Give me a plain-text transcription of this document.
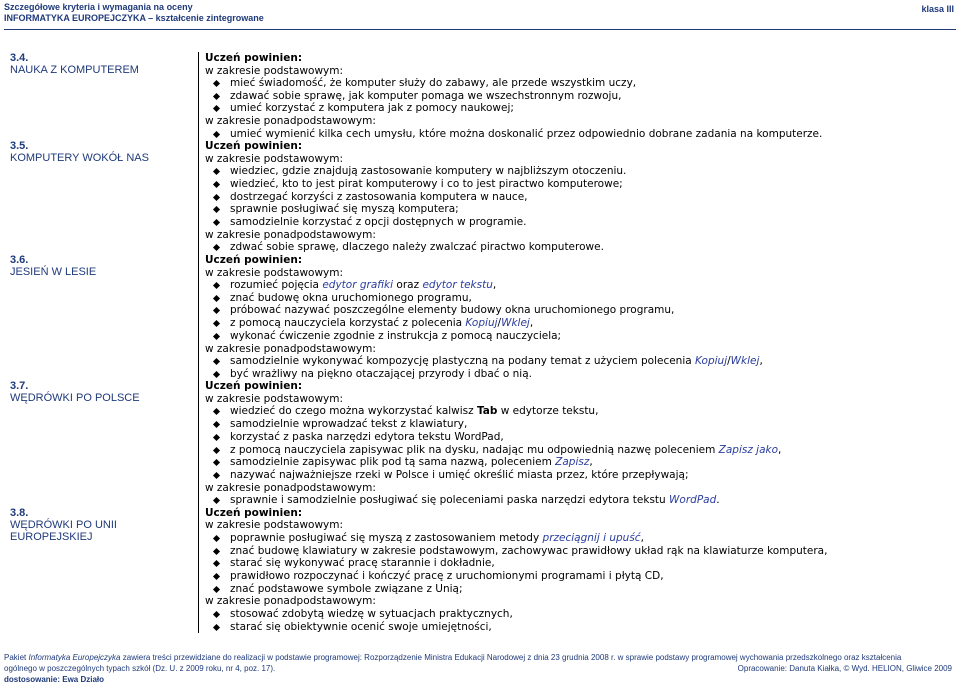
Szczegółowe kryteria i wymagania na oceny
INFORMATYKA EUROPEJCZYKA – kształcenie zintegrowane
klasa III
3.4.
NAUKA Z KOMPUTEREM
Uczeń powinien:
w zakresie podstawowym:
mieć świadomość, że komputer służy do zabawy, ale przede wszystkim uczy,
zdawać sobie sprawę, jak komputer pomaga we wszechstronnym rozwoju,
umieć korzystać z komputera jak z pomocy naukowej;
w zakresie ponadpodstawowym:
umieć wymienić kilka cech umysłu, które można doskonalić przez odpowiednio dobrane zadania na komputerze.
3.5.
KOMPUTERY WOKÓŁ NAS
Uczeń powinien:
w zakresie podstawowym:
wiedziec, gdzie znajdują zastosowanie komputery w najbliższym otoczeniu.
wiedzieć, kto to jest pirat komputerowy i co to jest piractwo komputerowe;
dostrzegać korzyści z zastosowania komputera w nauce,
sprawnie posługiwać się myszą komputera;
samodzielnie korzystać z opcji dostępnych w programie.
w zakresie ponadpodstawowym:
zdwać sobie sprawę, dlaczego należy zwalczać piractwo komputerowe.
3.6.
JESIEŃ W LESIE
Uczeń powinien:
w zakresie podstawowym:
rozumieć pojęcia edytor grafiki oraz edytor tekstu,
znać budowę okna uruchomionego programu,
próbować nazywać poszczególne elementy budowy okna uruchomionego programu,
z pomocą nauczyciela korzystać z polecenia Kopiuj/Wklej,
wykonać ćwiczenie zgodnie z instrukcja z pomocą nauczyciela;
w zakresie ponadpodstawowym:
samodzielnie wykonywać kompozycję plastyczną na podany temat z użyciem polecenia Kopiuj/Wklej,
być wrażliwy na piękno otaczającej przyrody i dbać o nią.
3.7.
WĘDRÓWKI PO POLSCE
Uczeń powinien:
w zakresie podstawowym:
wiedzieć do czego można wykorzystać kalwisz Tab w edytorze tekstu,
samodzielnie wprowadzać tekst z klawiatury,
korzystać z paska narzędzi edytora tekstu WordPad,
z pomocą nauczyciela zapisywac plik na dysku, nadając mu odpowiednią nazwę poleceniem Zapisz jako,
samodzielnie zapisywac plik pod tą sama nazwą, poleceniem Zapisz,
nazywać najważniejsze rzeki w Polsce i umięć określić miasta przez, które przepływają;
w zakresie ponadpodstawowym:
sprawnie i samodzielnie posługiwać się poleceniami paska narzędzi edytora tekstu WordPad.
3.8.
WĘDRÓWKI PO UNII EUROPEJSKIEJ
Uczeń powinien:
w zakresie podstawowym:
poprawnie posługiwać się myszą z zastosowaniem metody przeciągnij i upuść,
znać budowę klawiatury w zakresie podstawowym, zachowywac prawidłowy układ rąk na klawiaturze komputera,
starać się wykonywać pracę starannie i dokładnie,
prawidłowo rozpoczynać i kończyć pracę z uruchomionymi programami i płytą CD,
znać podstawowe symbole związane z Unią;
w zakresie ponadpodstawowym:
stosować zdobytą wiedzę w sytuacjach praktycznych,
starać się obiektywnie ocenić swoje umiejętności,
Pakiet Informatyka Europejczyka zawiera treści przewidziane do realizacji w podstawie programowej: Rozporządzenie Ministra Edukacji Narodowej z dnia 23 grudnia 2008 r. w sprawie podstawy programowej wychowania przedszkolnego oraz kształcenia
ogólnego w poszczególnych typach szkół (Dz. U. z 2009 roku, nr 4, poz. 17).	Opracowanie: Danuta Kiałka, © Wyd. HELION, Gliwice 2009
dostosowanie: Ewa Działo
